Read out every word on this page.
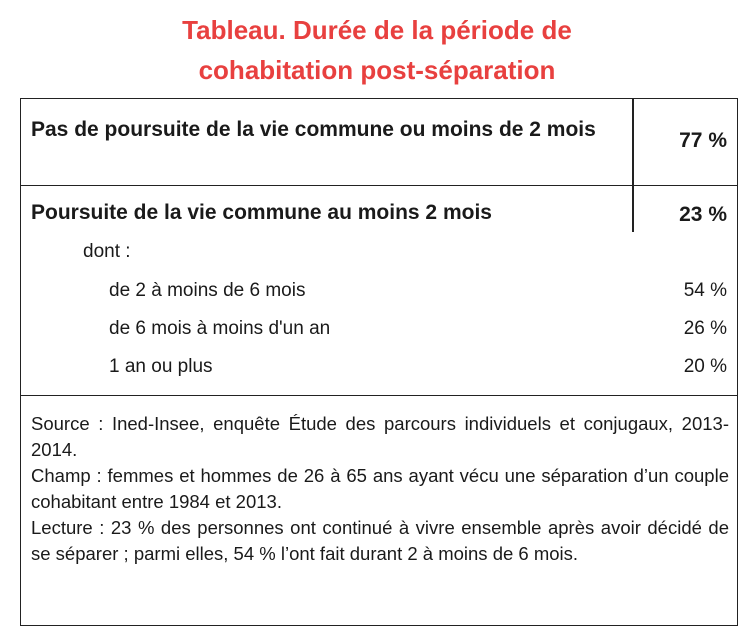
Tableau. Durée de la période de
cohabitation post-séparation
Pas de poursuite de la vie commune ou moins de 2 mois	77 %
Poursuite de la vie commune au moins 2 mois	23 %
dont :
de 2 à moins de 6 mois	54 %
de 6 mois à moins d'un an	26 %
1 an ou plus	20 %

Source : Ined-Insee, enquête Étude des parcours individuels et conjugaux, 2013-2014.

Champ : femmes et hommes de 26 à 65 ans ayant vécu une séparation d’un couple cohabitant entre 1984 et 2013.

Lecture : 23 % des personnes ont continué à vivre ensemble après avoir décidé de se séparer ; parmi elles, 54 % l’ont fait durant 2 à moins de 6 mois.
